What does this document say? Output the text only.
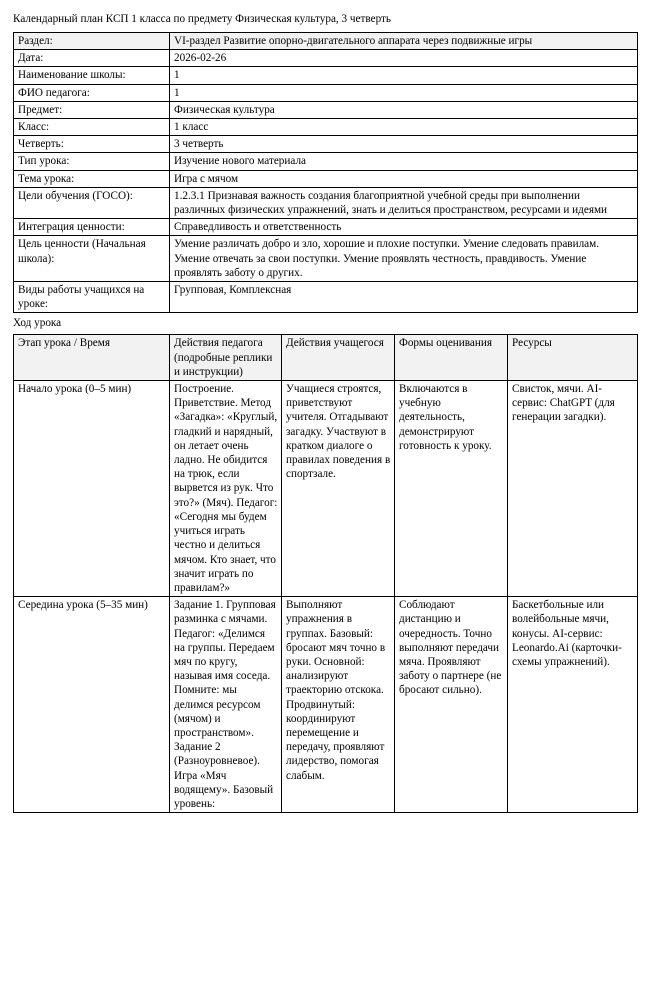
Календарный план КСП 1 класса по предмету Физическая культура, 3 четверть
Раздел:	VI-раздел Развитие опорно-двигательного аппарата через подвижные игры
Дата:	2026-02-26
Наименование школы:	1
ФИО педагога:	1
Предмет:	Физическая культура
Класс:	1 класс
Четверть:	3 четверть
Тип урока:	Изучение нового материала
Тема урока:	Игра с мячом
Цели обучения (ГОСО):	1.2.3.1 Признавая важность создания благоприятной учебной среды при выполнении различных физических упражнений, знать и делиться пространством, ресурсами и идеями
Интеграция ценности:	Справедливость и ответственность
Цель ценности (Начальная школа):	Умение различать добро и зло, хорошие и плохие поступки. Умение следовать правилам. Умение отвечать за свои поступки. Умение проявлять честность, правдивость. Умение проявлять заботу о других.
Виды работы учащихся на уроке:	Групповая, Комплексная
Ход урока
Этап урока / Время	Действия педагога (подробные реплики и инструкции)	Действия учащегося	Формы оценивания	Ресурсы
Начало урока (0–5 мин)	Построение. Приветствие. Метод «Загадка»: «Круглый, гладкий и нарядный, он летает очень ладно. Не обидится на трюк, если вырвется из рук. Что это?» (Мяч). Педагог: «Сегодня мы будем учиться играть честно и делиться мячом. Кто знает, что значит играть по правилам?»	Учащиеся строятся, приветствуют учителя. Отгадывают загадку. Участвуют в кратком диалоге о правилах поведения в спортзале.	Включаются в учебную деятельность, демонстрируют готовность к уроку.	Свисток, мячи. AI-сервис: ChatGPT (для генерации загадки).
Середина урока (5–35 мин)	Задание 1. Групповая разминка с мячами. Педагог: «Делимся на группы. Передаем мяч по кругу, называя имя соседа. Помните: мы делимся ресурсом (мячом) и пространством». Задание 2 (Разноуровневое). Игра «Мяч водящему». Базовый уровень:	Выполняют упражнения в группах. Базовый: бросают мяч точно в руки. Основной: анализируют траекторию отскока. Продвинутый: координируют перемещение и передачу, проявляют лидерство, помогая слабым.	Соблюдают дистанцию и очередность. Точно выполняют передачи мяча. Проявляют заботу о партнере (не бросают сильно).	Баскетбольные или волейбольные мячи, конусы. AI-сервис: Leonardo.Ai (карточки-схемы упражнений).
